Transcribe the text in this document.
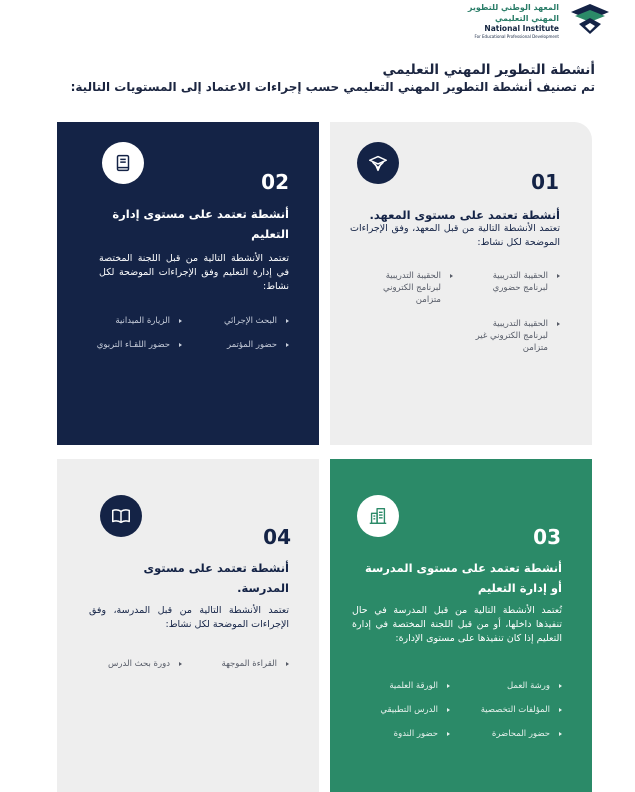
المعهد الوطني للتطوير المهني التعليمي
National Institute
For Educational Professional Development
أنشطة التطوير المهني التعليمي
تم تصنيف أنشطة التطوير المهني التعليمي حسب إجراءات الاعتماد إلى المستويات التالية:
01
أنشطة تعتمد على مستوى المعهد.

تعتمد الأنشطة التالية من قبل المعهد، وفق الإجراءات الموضحة لكل نشاط:

الحقيبة التدريبية لبرنامج حضوري
الحقيبة التدريبية لبرنامج الكتروني متزامن
الحقيبة التدريبية لبرنامج الكتروني غير متزامن
02
أنشطة تعتمد على مستوى إدارة التعليم

تعتمد الأنشطة التالية من قبل اللجنة المختصة في إدارة التعليم وفق الإجراءات الموضحة لكل نشاط:

البحث الإجرائي
الزيارة الميدانية
حضور المؤتمر
حضور اللقـاء التربوي
03
أنشطة تعتمد على مستوى المدرسة أو إدارة التعليم

تُعتمد الأنشطة التالية من قبل المدرسة في حال تنفيذها داخلها، أو من قبل اللجنة المختصة في إدارة التعليم إذا كان تنفيذها على مستوى الإدارة:

ورشة العمل
الورقة العلمية
المؤلفات التخصصية
الدرس التطبيقي
حضور المحاضرة
حضور الندوة
04
أنشطة تعتمد على مستوى المدرسة.

تعتمد الأنشطة التالية من قبل المدرسة، وفق الإجراءات الموضحة لكل نشاط:

القراءة الموجهة
دورة بحث الدرس
